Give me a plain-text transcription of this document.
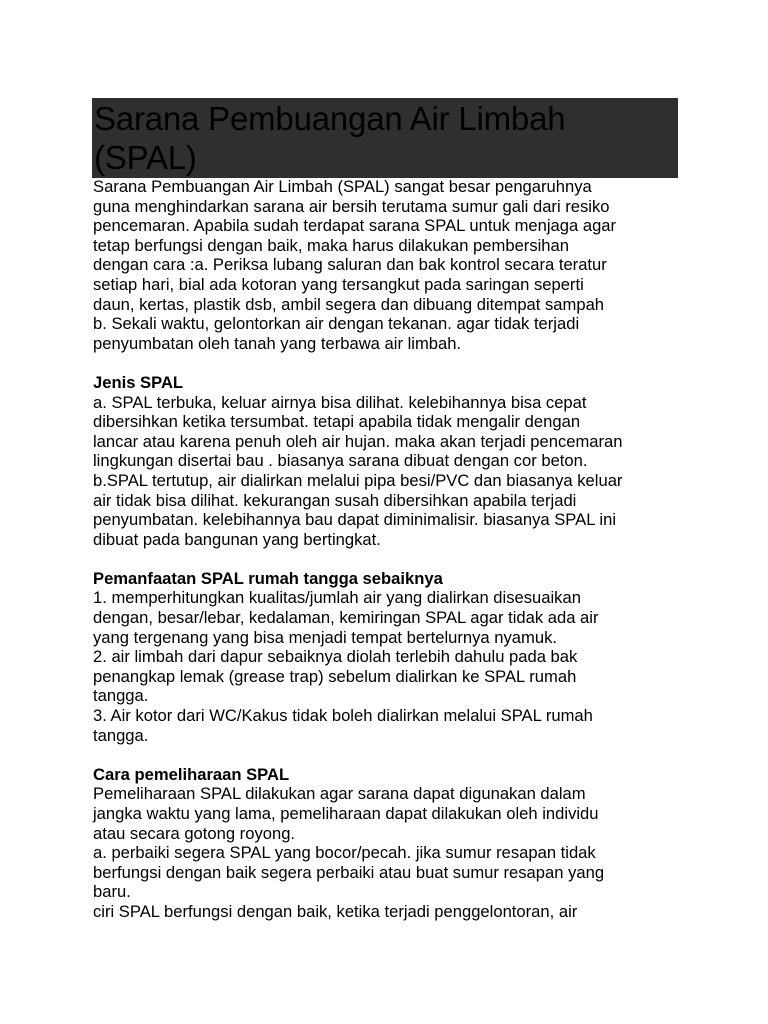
Sarana Pembuangan Air Limbah
(SPAL)
Sarana Pembuangan Air Limbah (SPAL) sangat besar pengaruhnya
guna menghindarkan sarana air bersih terutama sumur gali dari resiko
pencemaran. Apabila sudah terdapat sarana SPAL untuk menjaga agar
tetap berfungsi dengan baik, maka harus dilakukan pembersihan
dengan cara :a. Periksa lubang saluran dan bak kontrol secara teratur
setiap hari, bial ada kotoran yang tersangkut pada saringan seperti
daun, kertas, plastik dsb, ambil segera dan dibuang ditempat sampah
b. Sekali waktu, gelontorkan air dengan tekanan. agar tidak terjadi
penyumbatan oleh tanah yang terbawa air limbah.
Jenis SPAL
a. SPAL terbuka, keluar airnya bisa dilihat. kelebihannya bisa cepat
dibersihkan ketika tersumbat. tetapi apabila tidak mengalir dengan
lancar atau karena penuh oleh air hujan. maka akan terjadi pencemaran
lingkungan disertai bau . biasanya sarana dibuat dengan cor beton.
b.SPAL tertutup, air dialirkan melalui pipa besi/PVC dan biasanya keluar
air tidak bisa dilihat. kekurangan susah dibersihkan apabila terjadi
penyumbatan. kelebihannya bau dapat diminimalisir. biasanya SPAL ini
dibuat pada bangunan yang bertingkat.
Pemanfaatan SPAL rumah tangga sebaiknya
1. memperhitungkan kualitas/jumlah air yang dialirkan disesuaikan
dengan, besar/lebar, kedalaman, kemiringan SPAL agar tidak ada air
yang tergenang yang bisa menjadi tempat bertelurnya nyamuk.
2. air limbah dari dapur sebaiknya diolah terlebih dahulu pada bak
penangkap lemak (grease trap) sebelum dialirkan ke SPAL rumah
tangga.
3. Air kotor dari WC/Kakus tidak boleh dialirkan melalui SPAL rumah
tangga.
Cara pemeliharaan SPAL
Pemeliharaan SPAL dilakukan agar sarana dapat digunakan dalam
jangka waktu yang lama, pemeliharaan dapat dilakukan oleh individu
atau secara gotong royong.
a. perbaiki segera SPAL yang bocor/pecah. jika sumur resapan tidak
berfungsi dengan baik segera perbaiki atau buat sumur resapan yang
baru.
ciri SPAL berfungsi dengan baik, ketika terjadi penggelontoran, air
